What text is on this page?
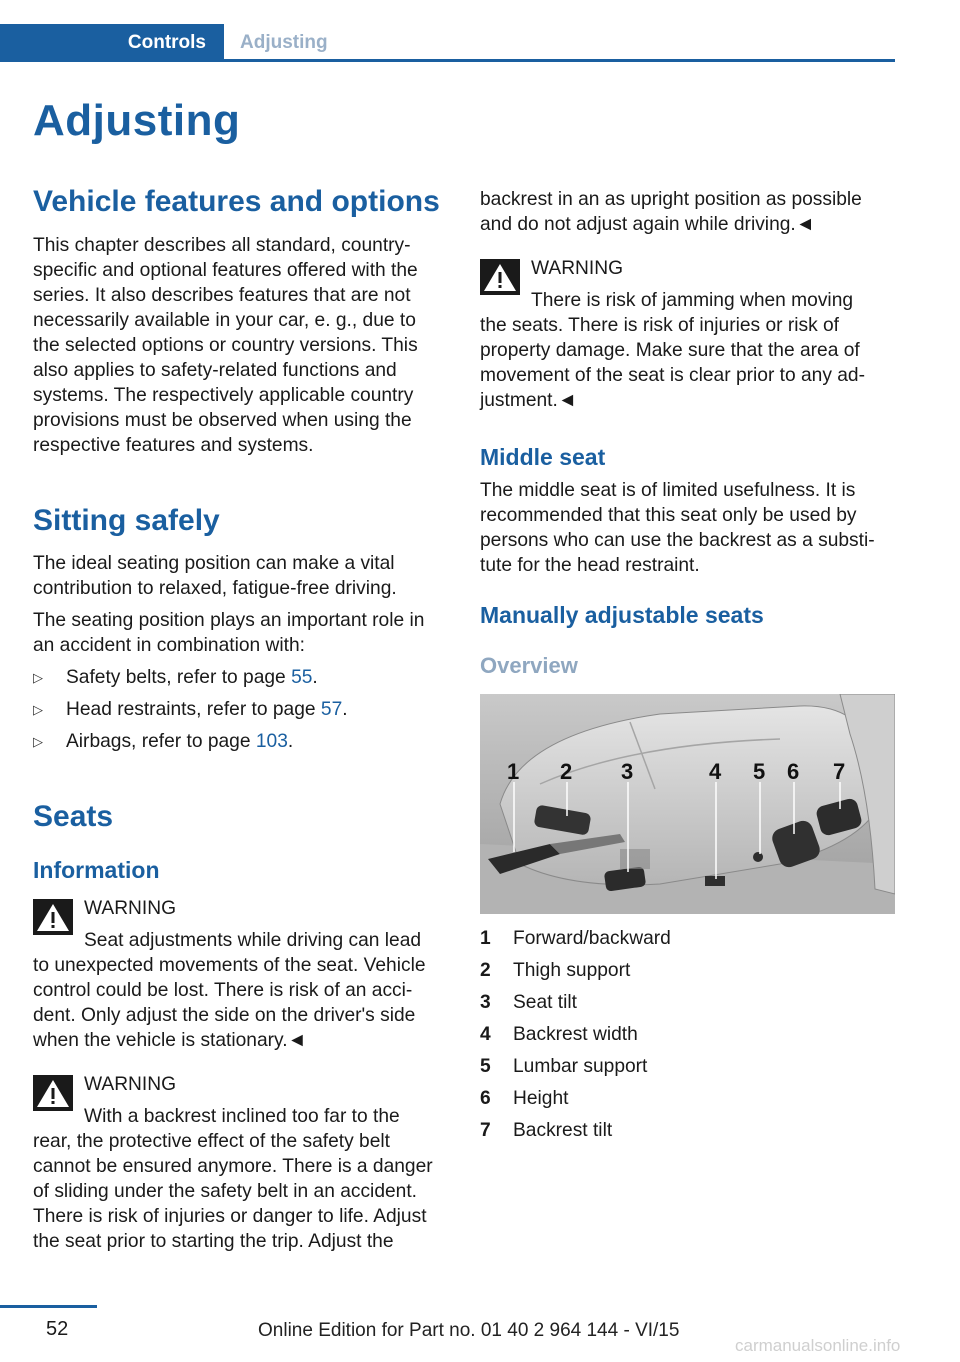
Controls	Adjusting
Adjusting
Vehicle features and options

This chapter describes all standard, country-
specific and optional features offered with the
series. It also describes features that are not
necessarily available in your car, e. g., due to
the selected options or country versions. This
also applies to safety-related functions and
systems. The respectively applicable country
provisions must be observed when using the
respective features and systems.

Sitting safely

The ideal seating position can make a vital
contribution to relaxed, fatigue-free driving.

The seating position plays an important role in
an accident in combination with:

▷ Safety belts, refer to page 55.
▷ Head restraints, refer to page 57.
▷ Airbags, refer to page 103.
Seats
Information

WARNING

Seat adjustments while driving can lead
to unexpected movements of the seat. Vehicle
control could be lost. There is risk of an acci-
dent. Only adjust the side on the driver's side
when the vehicle is stationary.◄

WARNING

With a backrest inclined too far to the
rear, the protective effect of the safety belt
cannot be ensured anymore. There is a danger
of sliding under the safety belt in an accident.
There is risk of injuries or danger to life. Adjust
the seat prior to starting the trip. Adjust the

backrest in an as upright position as possible
and do not adjust again while driving.◄

WARNING

There is risk of jamming when moving
the seats. There is risk of injuries or risk of
property damage. Make sure that the area of
movement of the seat is clear prior to any ad-
justment.◄

Middle seat

The middle seat is of limited usefulness. It is
recommended that this seat only be used by
persons who can use the backrest as a substi-
tute for the head restraint.

Manually adjustable seats
Overview
1 2 3	4 5 6 7
1 Forward/backward
2 Thigh support
3 Seat tilt
4 Backrest width
5 Lumbar support
6 Height
7 Backrest tilt
52	Online Edition for Part no. 01 40 2 964 144 - VI/15
carmanualsonline.info
